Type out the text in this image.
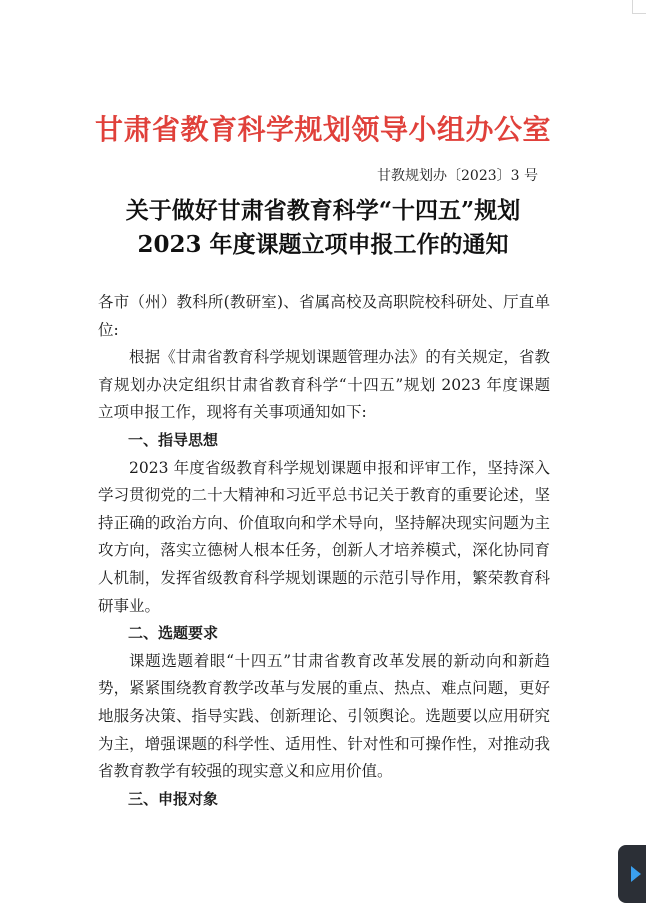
甘肃省教育科学规划领导小组办公室
甘教规划办〔2023〕3 号
关于做好甘肃省教育科学“十四五”规划
2023 年度课题立项申报工作的通知

各市（州）教科所(教研室)、省属高校及高职院校科研处、厅直单位:

根据《甘肃省教育科学规划课题管理办法》的有关规定，省教育规划办决定组织甘肃省教育科学“十四五”规划 2023 年度课题立项申报工作，现将有关事项通知如下:

一、指导思想

2023 年度省级教育科学规划课题申报和评审工作，坚持深入学习贯彻党的二十大精神和习近平总书记关于教育的重要论述，坚持正确的政治方向、价值取向和学术导向，坚持解决现实问题为主攻方向，落实立德树人根本任务，创新人才培养模式，深化协同育人机制，发挥省级教育科学规划课题的示范引导作用，繁荣教育科研事业。

二、选题要求

课题选题着眼“十四五”甘肃省教育改革发展的新动向和新趋势，紧紧围绕教育教学改革与发展的重点、热点、难点问题，更好地服务决策、指导实践、创新理论、引领舆论。选题要以应用研究为主，增强课题的科学性、适用性、针对性和可操作性，对推动我省教育教学有较强的现实意义和应用价值。

三、申报对象
